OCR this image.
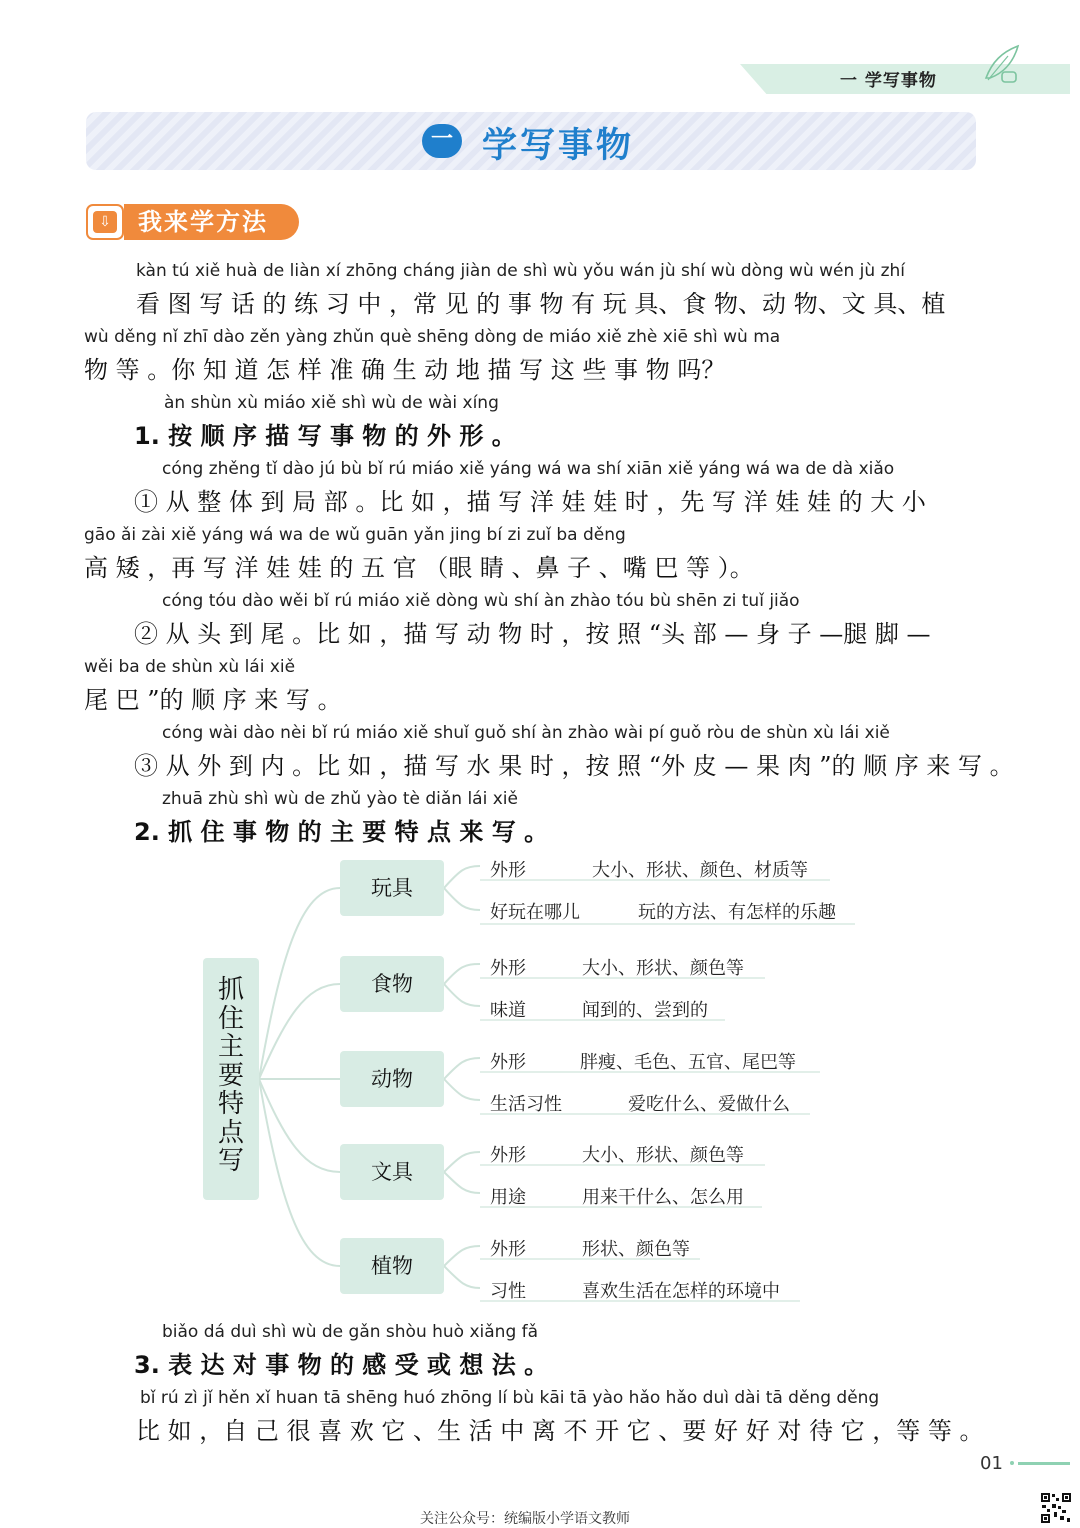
一 学写事物
一 学写事物
⇩	我来学方法
kàn tú xiě huà de liàn xí zhōng cháng jiàn de shì wù yǒu wán jù shí wù dòng wù wén jù zhí
看 图 写 话 的 练 习 中 ，常 见 的 事 物 有 玩 具、食 物、动 物、文 具、植
wù děng nǐ zhī dào zěn yàng zhǔn què shēng dòng de miáo xiě zhè xiē shì wù ma
物 等 。你 知 道 怎 样 准 确 生 动 地 描 写 这 些 事 物 吗？
àn shùn xù miáo xiě shì wù de wài xíng
1. 按 顺 序 描 写 事 物 的 外 形 。
cóng zhěng tǐ dào jú bù bǐ rú miáo xiě yáng wá wa shí xiān xiě yáng wá wa de dà xiǎo
① 从 整 体 到 局 部 。比 如 ，描 写 洋 娃 娃 时 ，先 写 洋 娃 娃 的 大 小
gāo ǎi zài xiě yáng wá wa de wǔ guān yǎn jing bí zi zuǐ ba děng
高 矮 ，再 写 洋 娃 娃 的 五 官 （眼 睛 、鼻 子 、嘴 巴 等 ）。
cóng tóu dào wěi bǐ rú miáo xiě dòng wù shí àn zhào tóu bù shēn zi tuǐ jiǎo
② 从 头 到 尾 。比 如 ，描 写 动 物 时 ，按 照 “头 部 — 身 子 —腿 脚 —
wěi ba de shùn xù lái xiě
尾 巴 ”的 顺 序 来 写 。
cóng wài dào nèi bǐ rú miáo xiě shuǐ guǒ shí àn zhào wài pí guǒ ròu de shùn xù lái xiě
③ 从 外 到 内 。比 如 ，描 写 水 果 时 ，按 照 “外 皮 — 果 肉 ”的 顺 序 来 写 。
zhuā zhù shì wù de zhǔ yào tè diǎn lái xiě
2. 抓 住 事 物 的 主 要 特 点 来 写 。
抓住主要特点写
玩具
外形	大小、形状、颜色、材质等
好玩在哪儿	玩的方法、有怎样的乐趣
食物
外形	大小、形状、颜色等
味道	闻到的、尝到的
动物
外形	胖瘦、毛色、五官、尾巴等
生活习性	爱吃什么、爱做什么
文具
外形	大小、形状、颜色等
用途	用来干什么、怎么用
植物
外形	形状、颜色等
习性	喜欢生活在怎样的环境中
biǎo dá duì shì wù de gǎn shòu huò xiǎng fǎ
3. 表 达 对 事 物 的 感 受 或 想 法 。
bǐ rú zì jǐ hěn xǐ huan tā shēng huó zhōng lí bù kāi tā yào hǎo hǎo duì dài tā děng děng
比 如 ，自 己 很 喜 欢 它 、生 活 中 离 不 开 它 、要 好 好 对 待 它 ，等 等 。
01
关注公众号：统编版小学语文教师
